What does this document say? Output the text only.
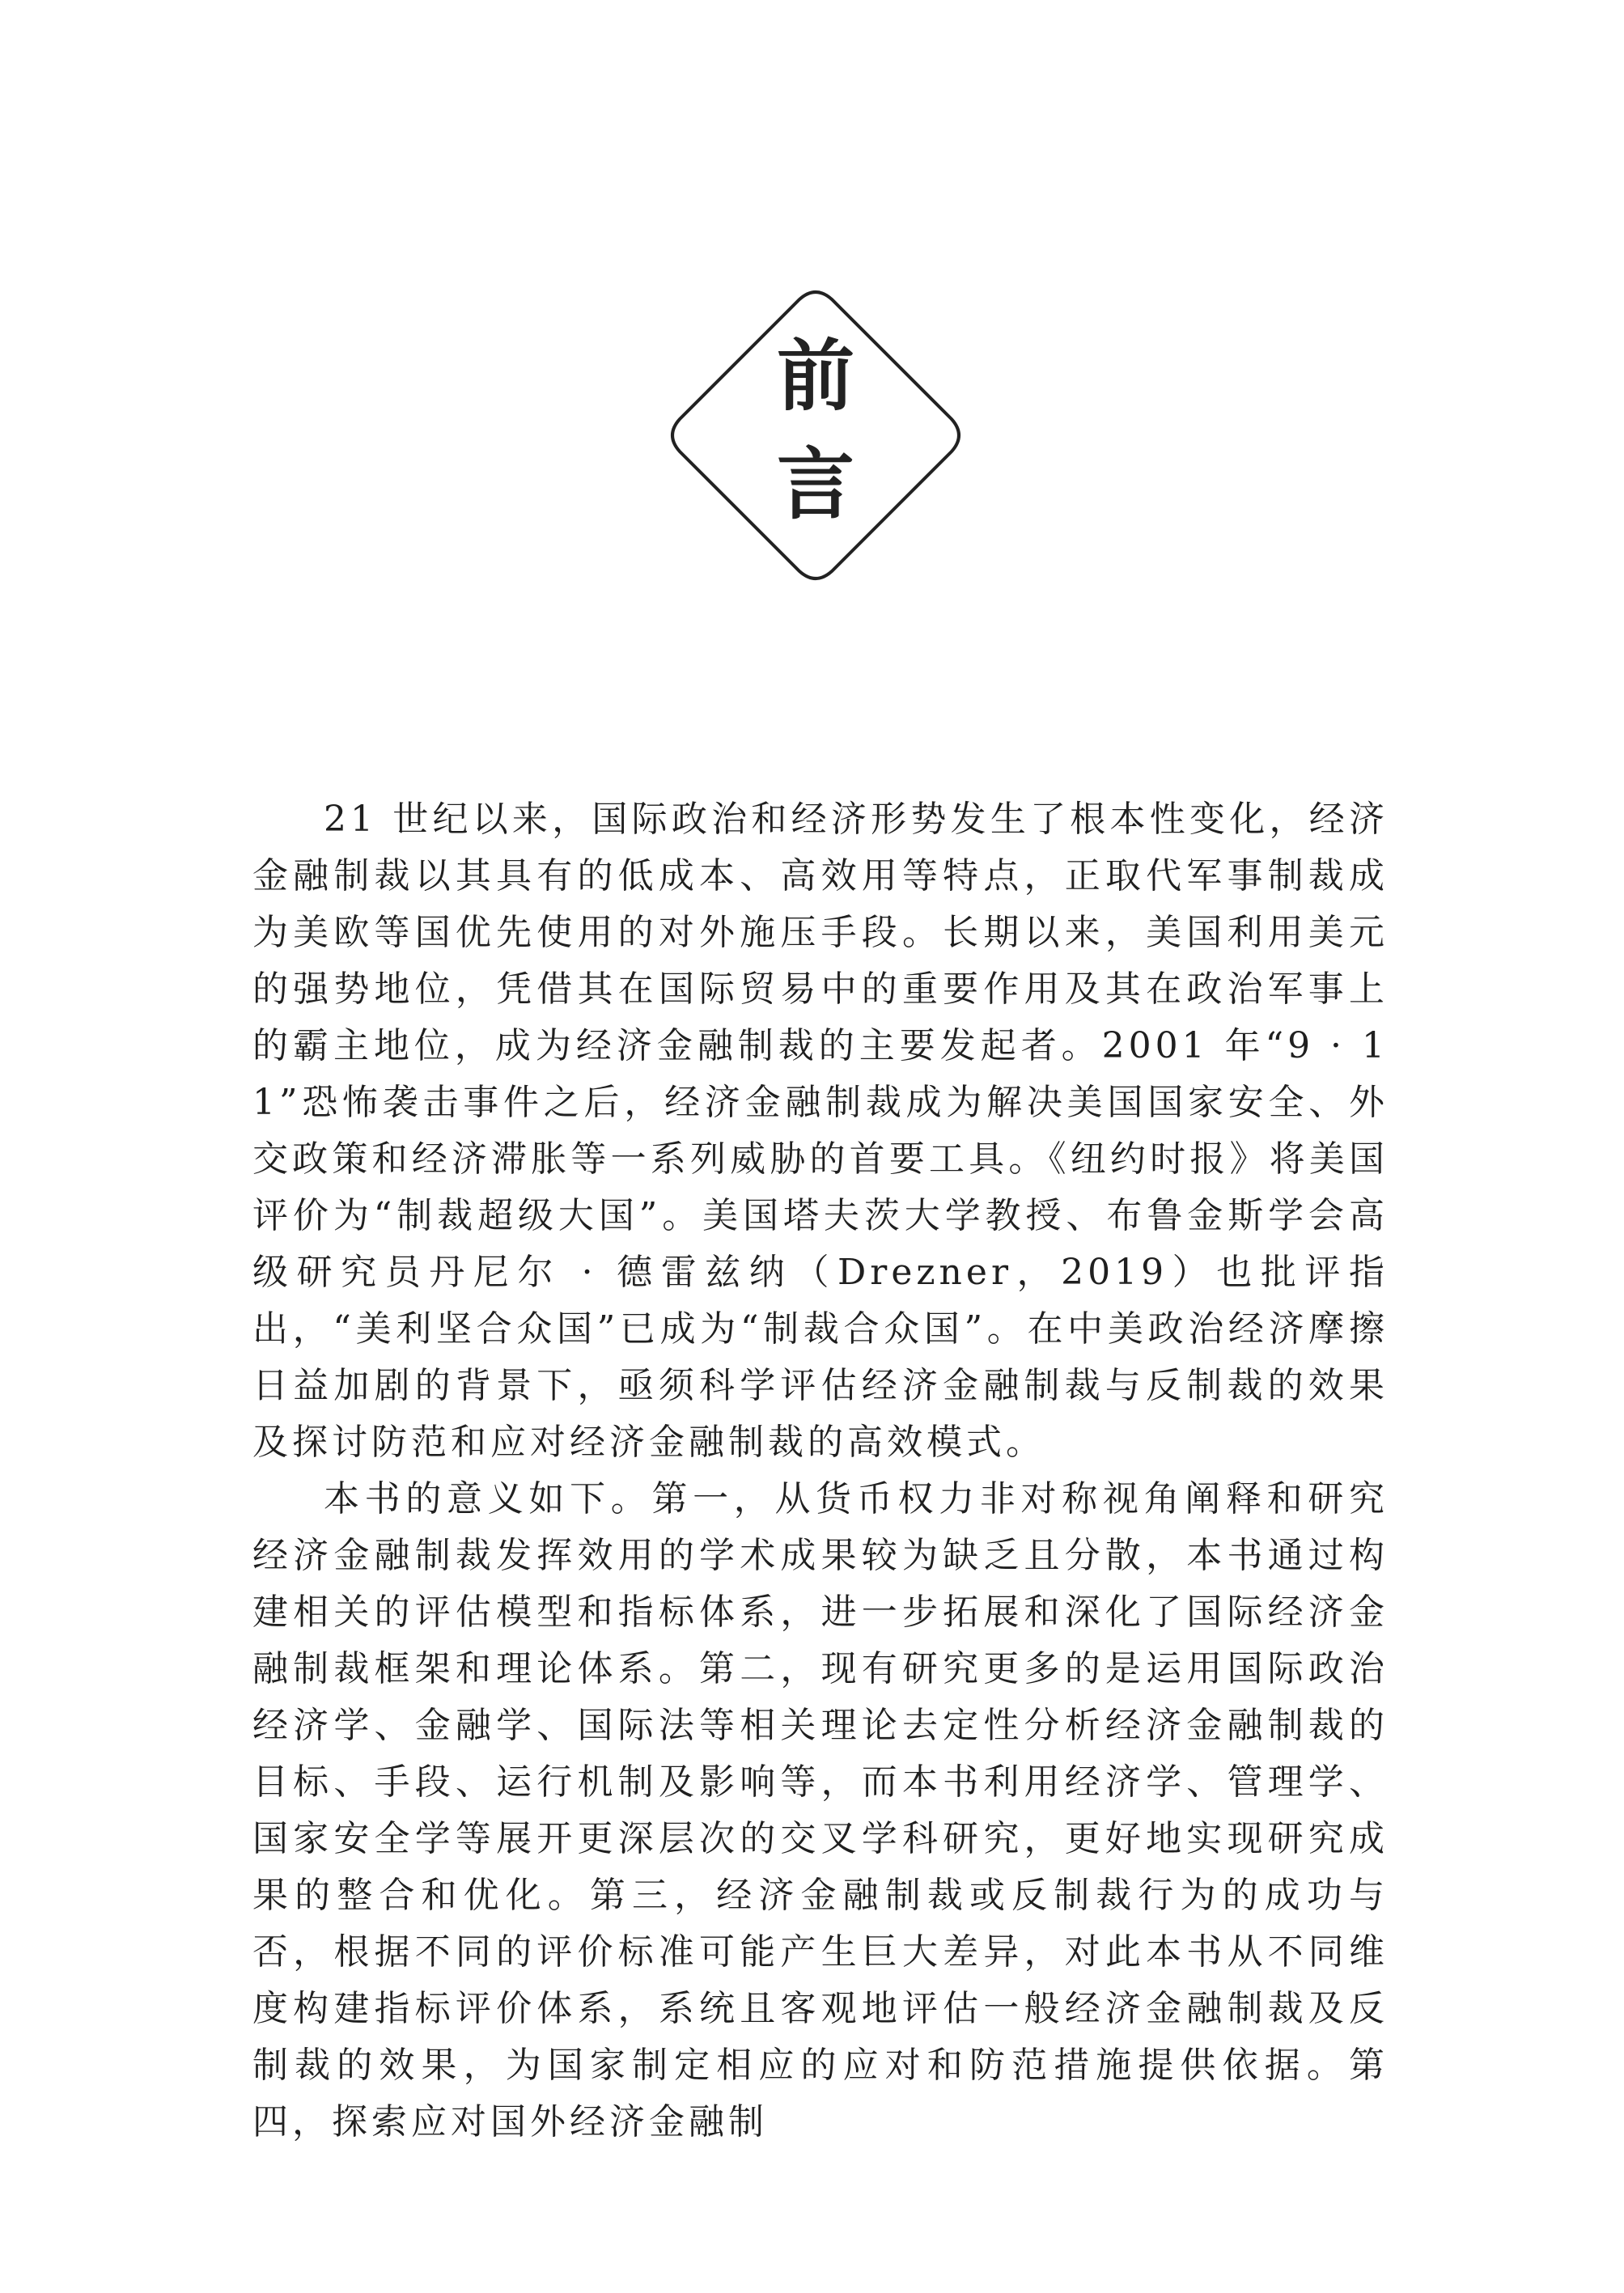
前
言

21 世纪以来，国际政治和经济形势发生了根本性变化，经济金融制裁以其具有的低成本、高效用等特点，正取代军事制裁成为美欧等国优先使用的对外施压手段。长期以来，美国利用美元的强势地位，凭借其在国际贸易中的重要作用及其在政治军事上的霸主地位，成为经济金融制裁的主要发起者。2001 年“9 · 11”恐怖袭击事件之后，经济金融制裁成为解决美国国家安全、外交政策和经济滞胀等一系列威胁的首要工具。《纽约时报》将美国评价为“制裁超级大国”。美国塔夫茨大学教授、布鲁金斯学会高级研究员丹尼尔 · 德雷兹纳（Drezner，2019）也批评指出，“美利坚合众国”已成为“制裁合众国”。在中美政治经济摩擦日益加剧的背景下，亟须科学评估经济金融制裁与反制裁的效果及探讨防范和应对经济金融制裁的高效模式。

本书的意义如下。第一，从货币权力非对称视角阐释和研究经济金融制裁发挥效用的学术成果较为缺乏且分散，本书通过构建相关的评估模型和指标体系，进一步拓展和深化了国际经济金融制裁框架和理论体系。第二，现有研究更多的是运用国际政治经济学、金融学、国际法等相关理论去定性分析经济金融制裁的目标、手段、运行机制及影响等，而本书利用经济学、管理学、国家安全学等展开更深层次的交叉学科研究，更好地实现研究成果的整合和优化。第三，经济金融制裁或反制裁行为的成功与否，根据不同的评价标准可能产生巨大差异，对此本书从不同维度构建指标评价体系，系统且客观地评估一般经济金融制裁及反制裁的效果，为国家制定相应的应对和防范措施提供依据。第四，探索应对国外经济金融制
